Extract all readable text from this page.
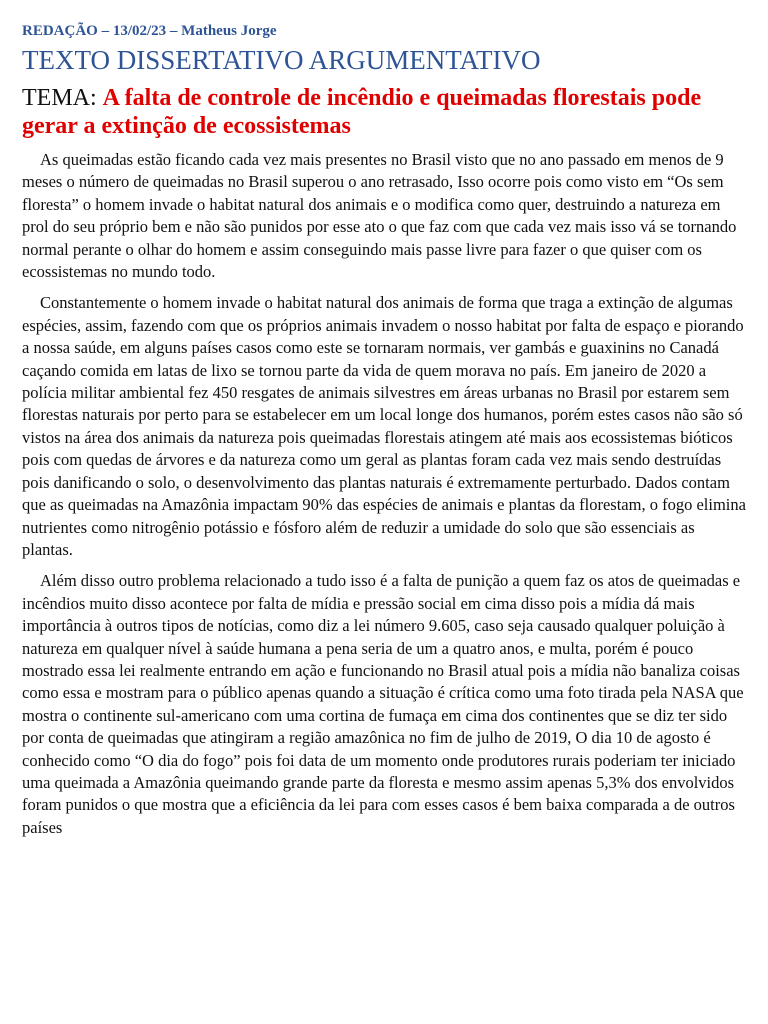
REDAÇÃO – 13/02/23 – Matheus Jorge
TEXTO DISSERTATIVO ARGUMENTATIVO
TEMA: A falta de controle de incêndio e queimadas florestais pode gerar a extinção de ecossistemas

As queimadas estão ficando cada vez mais presentes no Brasil visto que no ano passado em menos de 9 meses o número de queimadas no Brasil superou o ano retrasado, Isso ocorre pois como visto em “Os sem floresta” o homem invade o habitat natural dos animais e o modifica como quer, destruindo a natureza em prol do seu próprio bem e não são punidos por esse ato o que faz com que cada vez mais isso vá se tornando normal perante o olhar do homem e assim conseguindo mais passe livre para fazer o que quiser com os ecossistemas no mundo todo.

Constantemente o homem invade o habitat natural dos animais de forma que traga a extinção de algumas espécies, assim, fazendo com que os próprios animais invadem o nosso habitat por falta de espaço e piorando a nossa saúde, em alguns países casos como este se tornaram normais, ver gambás e guaxinins no Canadá caçando comida em latas de lixo se tornou parte da vida de quem morava no país. Em janeiro de 2020 a polícia militar ambiental fez 450 resgates de animais silvestres em áreas urbanas no Brasil por estarem sem florestas naturais por perto para se estabelecer em um local longe dos humanos, porém estes casos não são só vistos na área dos animais da natureza pois queimadas florestais atingem até mais aos ecossistemas bióticos pois com quedas de árvores e da natureza como um geral as plantas foram cada vez mais sendo destruídas pois danificando o solo, o desenvolvimento das plantas naturais é extremamente perturbado. Dados contam que as queimadas na Amazônia impactam 90% das espécies de animais e plantas da florestam, o fogo elimina nutrientes como nitrogênio potássio e fósforo além de reduzir a umidade do solo que são essenciais as plantas.

Além disso outro problema relacionado a tudo isso é a falta de punição a quem faz os atos de queimadas e incêndios muito disso acontece por falta de mídia e pressão social em cima disso pois a mídia dá mais importância à outros tipos de notícias, como diz a lei número 9.605, caso seja causado qualquer poluição à natureza em qualquer nível à saúde humana a pena seria de um a quatro anos, e multa, porém é pouco mostrado essa lei realmente entrando em ação e funcionando no Brasil atual pois a mídia não banaliza coisas como essa e mostram para o público apenas quando a situação é crítica como uma foto tirada pela NASA que mostra o continente sul-americano com uma cortina de fumaça em cima dos continentes que se diz ter sido por conta de queimadas que atingiram a região amazônica no fim de julho de 2019, O dia 10 de agosto é conhecido como “O dia do fogo” pois foi data de um momento onde produtores rurais poderiam ter iniciado uma queimada a Amazônia queimando grande parte da floresta e mesmo assim apenas 5,3% dos envolvidos foram punidos o que mostra que a eficiência da lei para com esses casos é bem baixa comparada a de outros países
